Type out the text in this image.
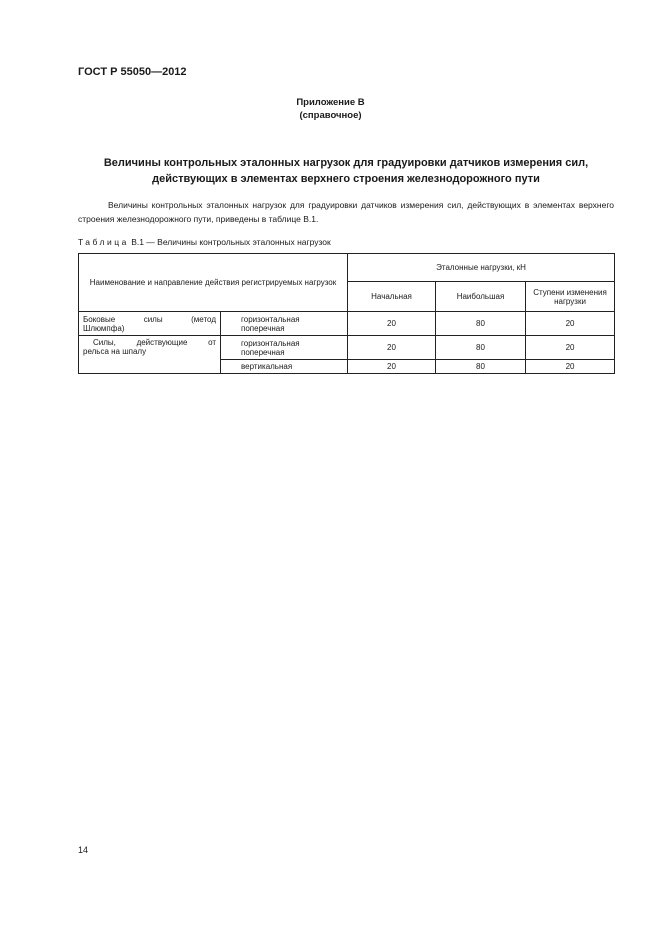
ГОСТ Р 55050—2012
Приложение В
(справочное)
Величины контрольных эталонных нагрузок для градуировки датчиков измерения сил,
действующих в элементах верхнего строения железнодорожного пути
Величины контрольных эталонных нагрузок для градуировки датчиков измерения сил, действующих в элементах верхнего строения железнодорожного пути, приведены в таблице В.1.
Таблица В.1 — Величины контрольных эталонных нагрузок
Наименование и направление действия регистрируемых нагрузок		Эталонные нагрузки, кН		
		Начальная	Наибольшая	Ступени изменения нагрузки

Боковые силы (метод
Шлюмпфа)	горизонтальная поперечная	20	80	20

Силы, действующие от
рельса на шпалу	горизонтальная поперечная	20	80	20
	вертикальная	20	80	20
14
